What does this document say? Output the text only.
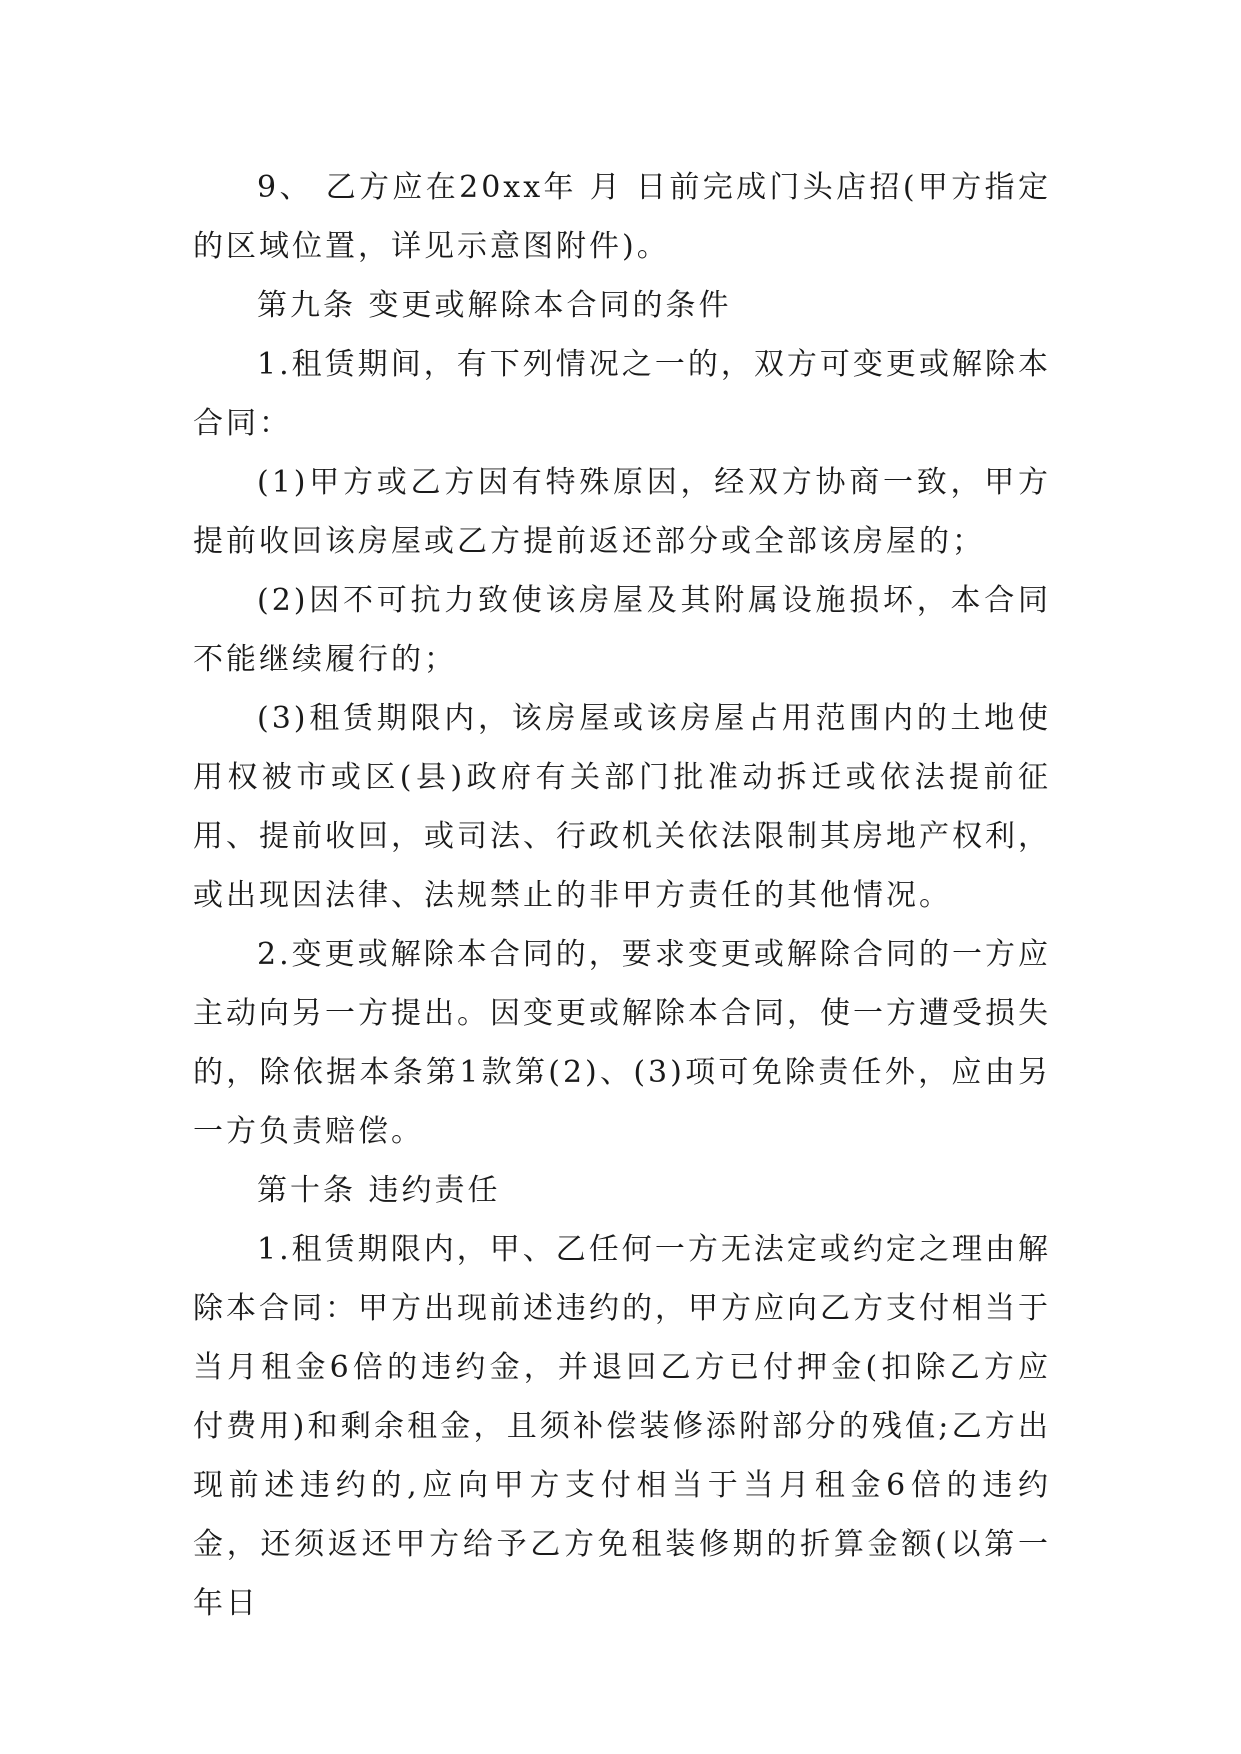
9、 乙方应在20xx年 月 日前完成门头店招(甲方指定的区域位置，详见示意图附件)。

第九条 变更或解除本合同的条件

1.租赁期间，有下列情况之一的，双方可变更或解除本合同：

(1)甲方或乙方因有特殊原因，经双方协商一致，甲方提前收回该房屋或乙方提前返还部分或全部该房屋的；

(2)因不可抗力致使该房屋及其附属设施损坏，本合同不能继续履行的；

(3)租赁期限内，该房屋或该房屋占用范围内的土地使用权被市或区(县)政府有关部门批准动拆迁或依法提前征用、提前收回，或司法、行政机关依法限制其房地产权利，或出现因法律、法规禁止的非甲方责任的其他情况。

2.变更或解除本合同的，要求变更或解除合同的一方应主动向另一方提出。因变更或解除本合同，使一方遭受损失的，除依据本条第1款第(2)、(3)项可免除责任外，应由另一方负责赔偿。

第十条 违约责任

1.租赁期限内，甲、乙任何一方无法定或约定之理由解除本合同：甲方出现前述违约的，甲方应向乙方支付相当于当月租金6倍的违约金，并退回乙方已付押金(扣除乙方应付费用)和剩余租金，且须补偿装修添附部分的残值;乙方出现前述违约的,应向甲方支付相当于当月租金6倍的违约金，还须返还甲方给予乙方免租装修期的折算金额(以第一年日
